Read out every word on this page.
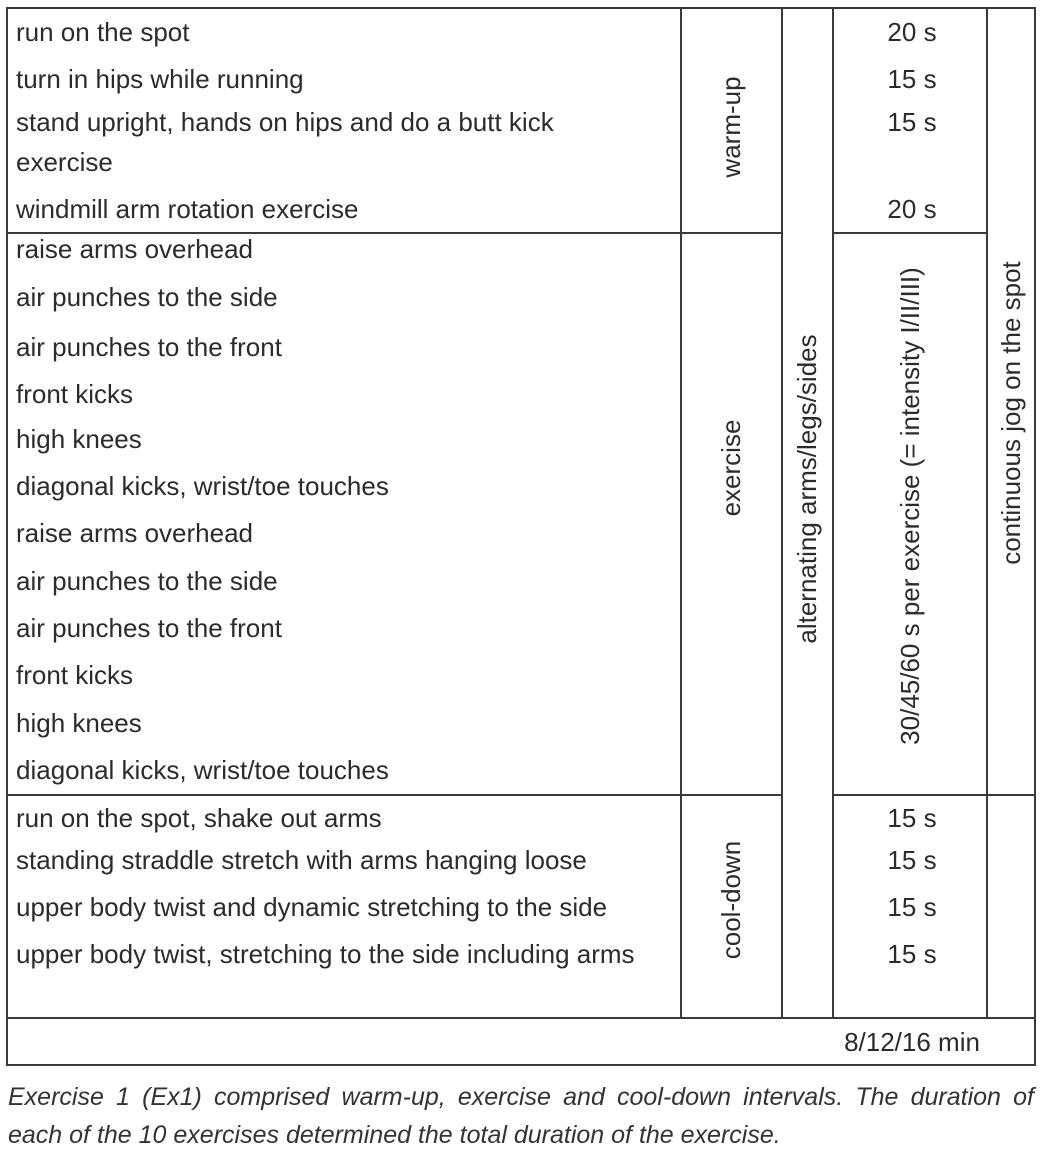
run on the spot
turn in hips while running
stand upright, hands on hips and do a butt kick exercise
windmill arm rotation exercise
20 s
15 s
15 s
20 s
warm-up
raise arms overhead
air punches to the side
air punches to the front
front kicks
high knees
diagonal kicks, wrist/toe touches
raise arms overhead
air punches to the side
air punches to the front
front kicks
high knees
diagonal kicks, wrist/toe touches
exercise	30/45/60 s per exercise (= intensity I/II/III)
run on the spot, shake out arms
standing straddle stretch with arms hanging loose
upper body twist and dynamic stretching to the side
upper body twist, stretching to the side including arms
15 s
15 s
15 s
15 s
cool-down
alternating arms/legs/sides	continuous jog on the spot
8/12/16 min
Exercise 1 (Ex1) comprised warm-up, exercise and cool-down intervals. The duration of each of the 10 exercises determined the total duration of the exercise.
